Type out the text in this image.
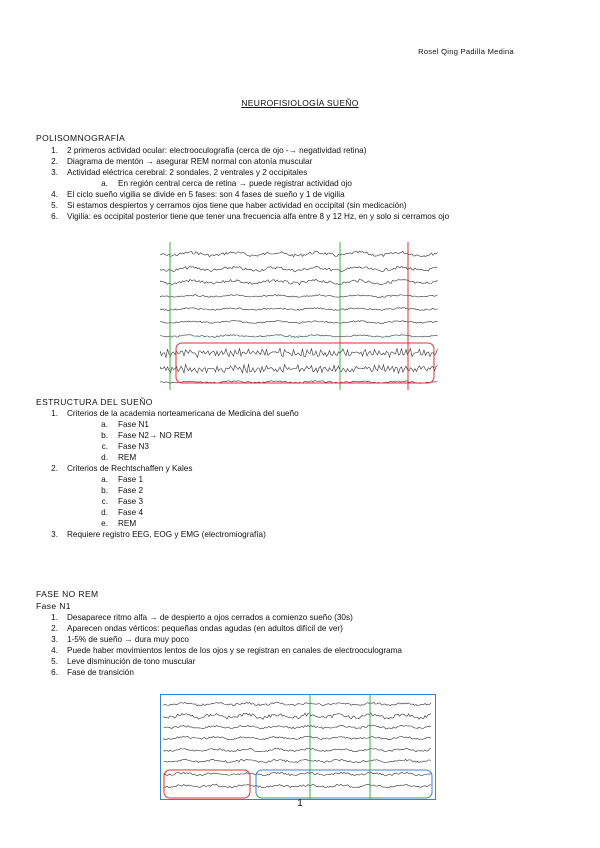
Rosel Qing Padilla Medina
NEUROFISIOLOGÍA SUEÑO
POLISOMNOGRAFÍA
1. 2 primeros actividad ocular: electrooculografia (cerca de ojo -→ negatividad retina)
2. Diagrama de mentón → asegurar REM normal con atonía muscular
3. Actividad eléctrica cerebral: 2 sondales, 2 ventrales y 2 occipitales
a. En región central cerca de retina → puede registrar actividad ojo
4. El ciclo sueño vigilia se divide en 5 fases: son 4 fases de sueño y 1 de vigilia
5. Si estamos despiertos y cerramos ojos tiene que haber actividad en occipital (sin medicación)
6. Vigilia: es occipital posterior tiene que tener una frecuencia alfa entre 8 y 12 Hz, en y solo si cerramos ojo
ESTRUCTURA DEL SUEÑO
1. Criterios de la academia norteamericana de Medicina del sueño
a. Fase N1
b. Fase N2→ NO REM
c. Fase N3
d. REM
2. Criterios de Rechtschaffen y Kales
a. Fase 1
b. Fase 2
c. Fase 3
d. Fase 4
e. REM
3. Requiere registro EEG, EOG y EMG (electromiografía)
FASE NO REM
Fase N1
1. Desaparece ritmo alfa → de despierto a ojos cerrados a comienzo sueño (30s)
2. Aparecen ondas vérticos: pequeñas ondas agudas (en adultos difícil de ver)
3. 1-5% de sueño → dura muy poco
4. Puede haber movimientos lentos de los ojos y se registran en canales de electrooculograma
5. Leve disminución de tono muscular
6. Fase de transición
1
